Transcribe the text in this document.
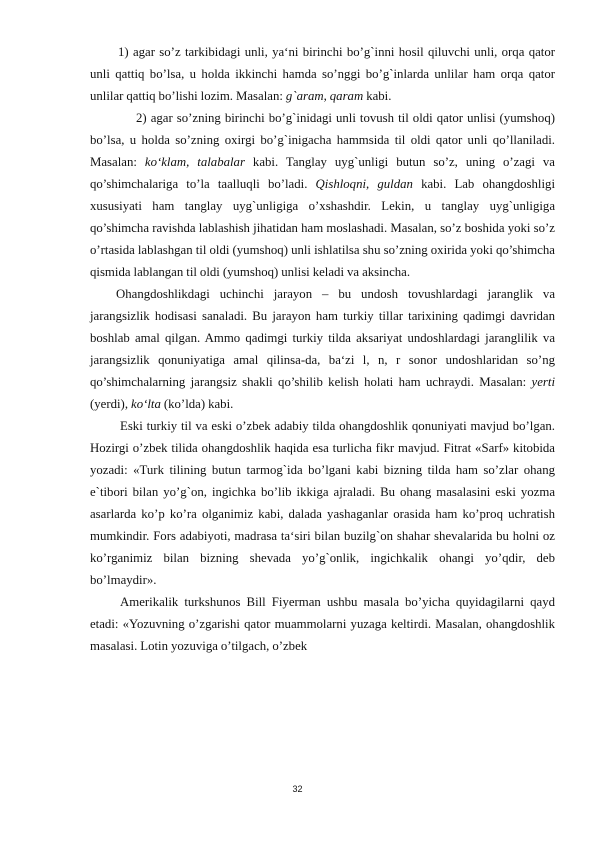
1) agar so’z tarkibidagi unli, ya‘ni birinchi bo’g`inni hosil qiluvchi unli, orqa qator unli qattiq bo’lsa, u holda ikkinchi hamda so’nggi bo’g`inlarda unlilar ham orqa qator unlilar qattiq bo’lishi lozim. Masalan: g`aram, qaram kabi.

2) agar so’zning birinchi bo’g`inidagi unli tovush til oldi qator unlisi (yumshoq) bo’lsa, u holda so’zning oxirgi bo’g`inigacha hammsida til oldi qator unli qo’llaniladi. Masalan: ko‘klam, talabalar kabi. Tanglay uyg`unligi butun so’z, uning o’zagi va qo’shimchalariga to’la taalluqli bo’ladi. Qishloqni, guldan kabi. Lab ohangdoshligi xususiyati ham tanglay uyg`unligiga o’xshashdir. Lekin, u tanglay uyg`unligiga qo’shimcha ravishda lablashish jihatidan ham moslashadi. Masalan, so’z boshida yoki so’z o’rtasida lablashgan til oldi (yumshoq) unli ishlatilsa shu so’zning oxirida yoki qo’shimcha qismida lablangan til oldi (yumshoq) unlisi keladi va aksincha.

Ohangdoshlikdagi uchinchi jarayon – bu undosh tovushlardagi jaranglik va jarangsizlik hodisasi sanaladi. Bu jarayon ham turkiy tillar tarixining qadimgi davridan boshlab amal qilgan. Ammo qadimgi turkiy tilda aksariyat undoshlardagi jaranglilik va jarangsizlik qonuniyatiga amal qilinsa-da, ba‘zi l, n, r sonor undoshlaridan so’ng qo’shimchalarning jarangsiz shakli qo’shilib kelish holati ham uchraydi. Masalan: yerti (yerdi), ko‘lta (ko’lda) kabi.

Eski turkiy til va eski o’zbek adabiy tilda ohangdoshlik qonuniyati mavjud bo’lgan. Hozirgi o’zbek tilida ohangdoshlik haqida esa turlicha fikr mavjud. Fitrat «Sarf» kitobida yozadi: «Turk tilining butun tarmog`ida bo’lgani kabi bizning tilda ham so’zlar ohang e`tibori bilan yo’g`on, ingichka bo’lib ikkiga ajraladi. Bu ohang masalasini eski yozma asarlarda ko’p ko’ra olganimiz kabi, dalada yashaganlar orasida ham ko’proq uchratish mumkindir. Fors adabiyoti, madrasa ta‘siri bilan buzilg`on shahar shevalarida bu holni oz ko’rganimiz bilan bizning shevada yo’g`onlik, ingichkalik ohangi yo’qdir, deb bo’lmaydir».

Amerikalik turkshunos Bill Fiyerman ushbu masala bo’yicha quyidagilarni qayd etadi: «Yozuvning o’zgarishi qator muammolarni yuzaga keltirdi. Masalan, ohangdoshlik masalasi. Lotin yozuviga o’tilgach, o’zbek

32
